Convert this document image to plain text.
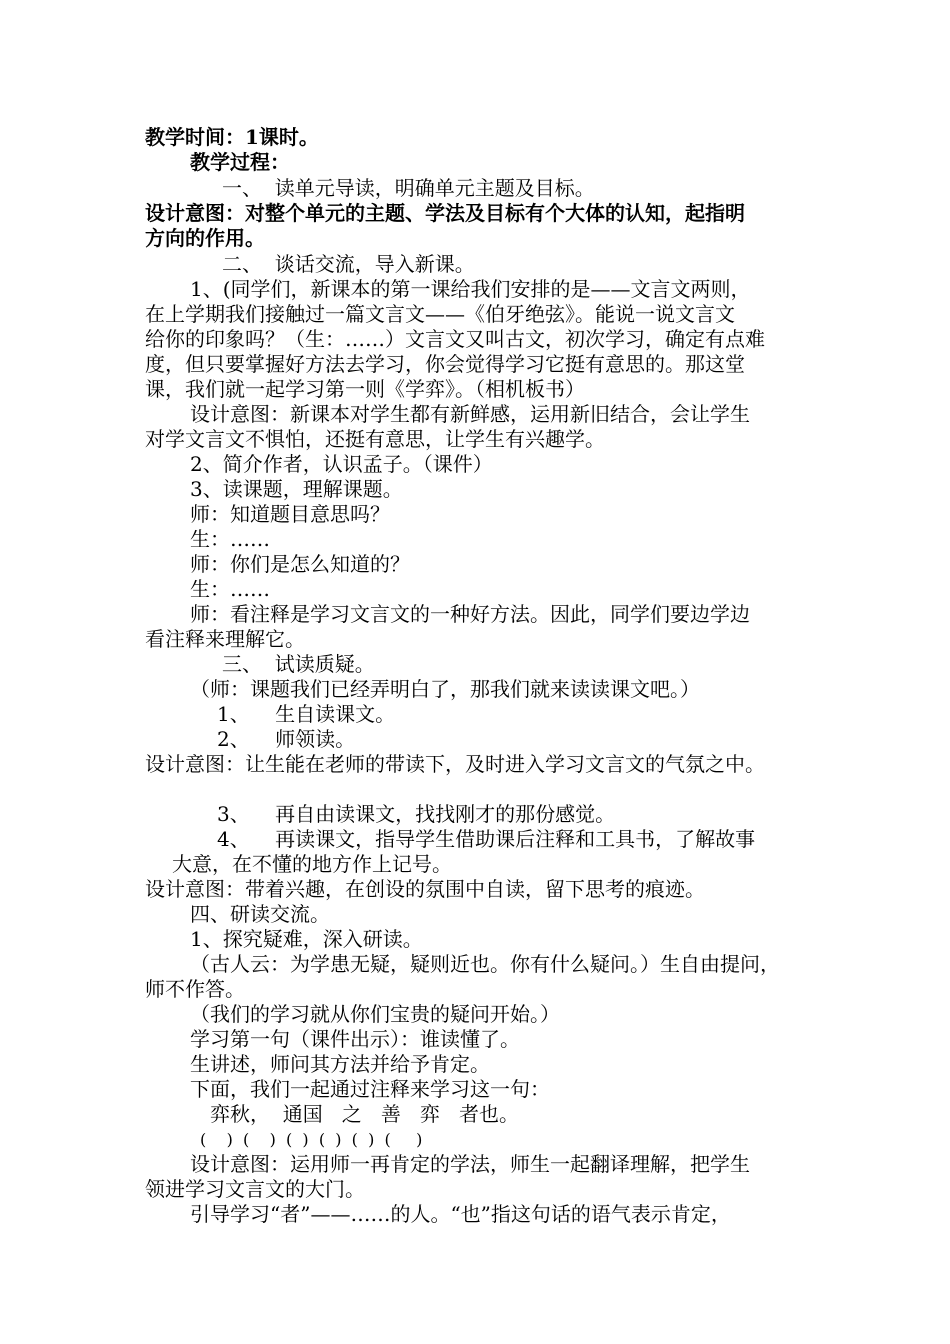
教学时间：1课时。
教学过程：
一、  读单元导读，明确单元主题及目标。
设计意图：对整个单元的主题、学法及目标有个大体的认知，起指明
方向的作用。
二、  谈话交流，导入新课。
1、(同学们，新课本的第一课给我们安排的是——文言文两则，
在上学期我们接触过一篇文言文——《伯牙绝弦》。能说一说文言文
给你的印象吗？（生：……）文言文又叫古文，初次学习，确定有点难
度，但只要掌握好方法去学习，你会觉得学习它挺有意思的。那这堂
课，我们就一起学习第一则《学弈》。（相机板书）
设计意图：新课本对学生都有新鲜感，运用新旧结合，会让学生
对学文言文不惧怕，还挺有意思，让学生有兴趣学。
2、简介作者，认识孟子。（课件）
3、读课题，理解课题。
师：知道题目意思吗？
生：……
师：你们是怎么知道的？
生：……
师：看注释是学习文言文的一种好方法。因此，同学们要边学边
看注释来理解它。
三、  试读质疑。
（师：课题我们已经弄明白了，那我们就来读读课文吧。）
1、    生自读课文。
2、    师领读。
设计意图：让生能在老师的带读下，及时进入学习文言文的气氛之中。
3、    再自由读课文，找找刚才的那份感觉。
4、    再读课文，指导学生借助课后注释和工具书，了解故事
大意，在不懂的地方作上记号。
设计意图：带着兴趣，在创设的氛围中自读，留下思考的痕迹。
四、研读交流。
1、探究疑难，深入研读。
（古人云：为学患无疑，疑则近也。你有什么疑问。）生自由提问，
师不作答。
（我们的学习就从你们宝贵的疑问开始。）
学习第一句（课件出示）：谁读懂了。
生讲述，师问其方法并给予肯定。
下面，我们一起通过注释来学习这一句：
弈秋，  通国   之   善   弈   者也。
(    )  (    )  (  )  (  )  (  )  (     )
设计意图：运用师一再肯定的学法，师生一起翻译理解，把学生
领进学习文言文的大门。
引导学习“者”——……的人。“也”指这句话的语气表示肯定，
